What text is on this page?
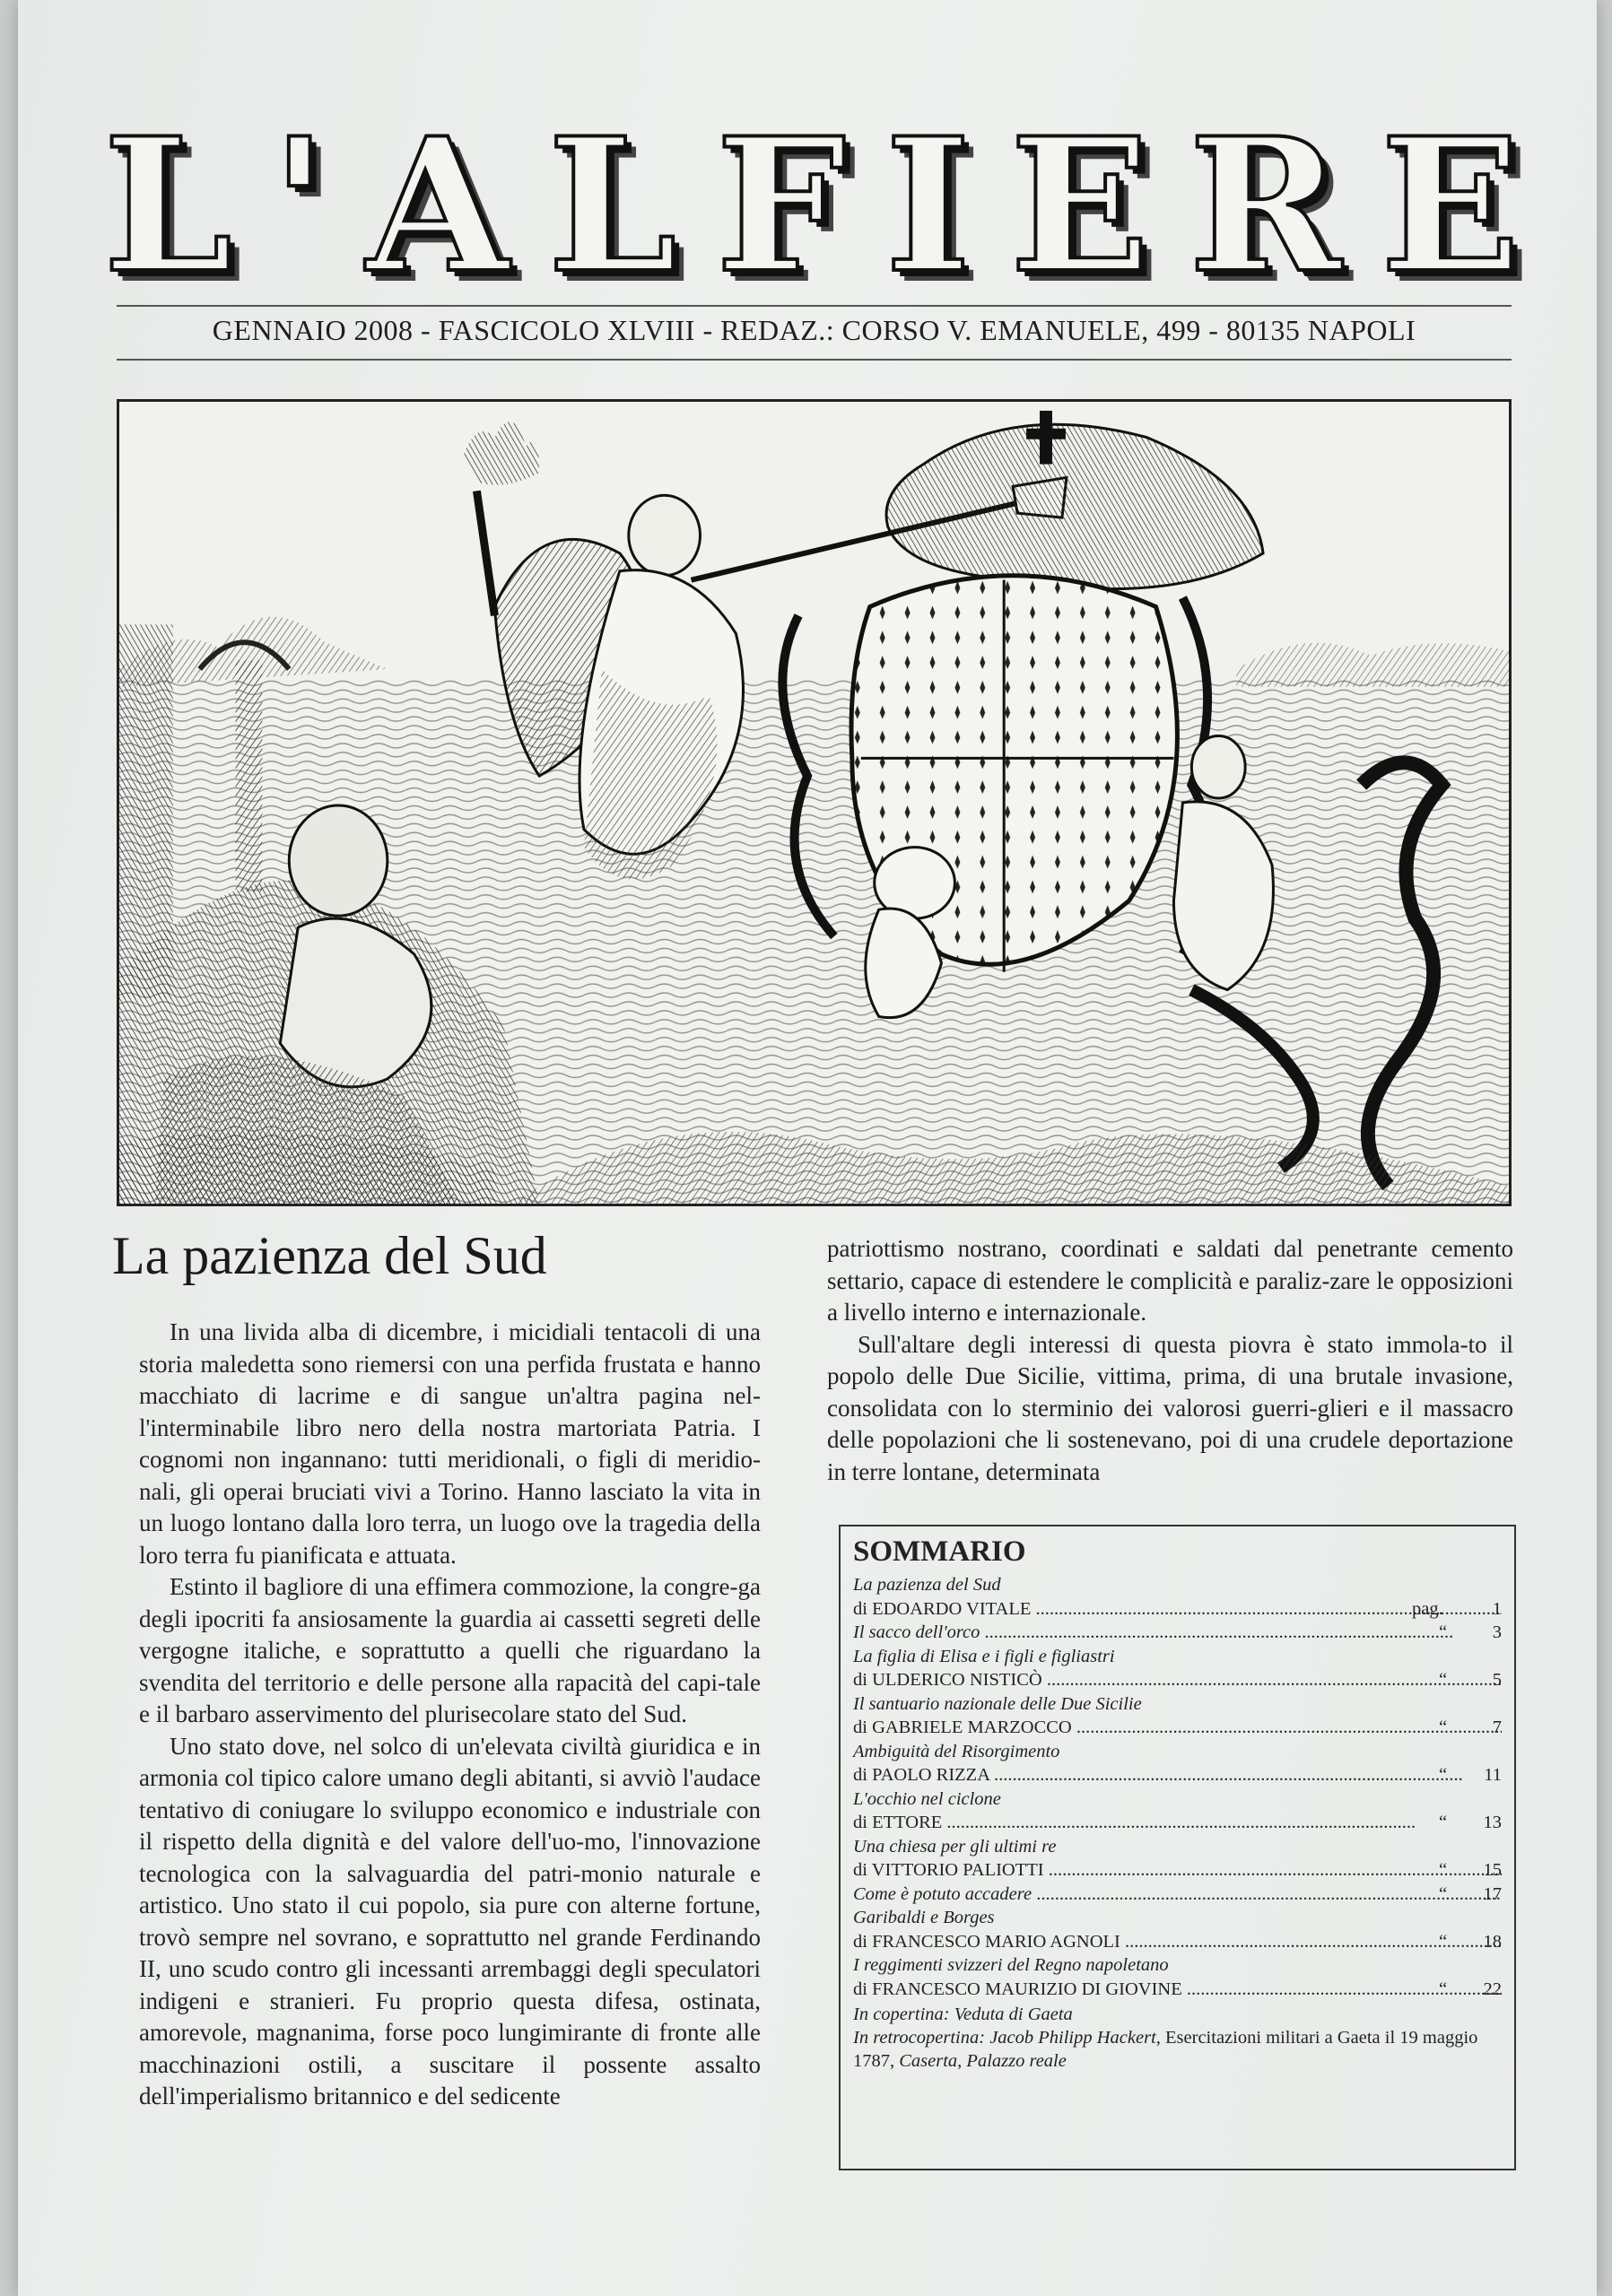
L ' A L F I E R E
GENNAIO 2008 - FASCICOLO XLVIII - REDAZ.: CORSO V. EMANUELE, 499 - 80135 NAPOLI
La pazienza del Sud

In una livida alba di dicembre, i micidiali tentacoli di una storia maledetta sono riemersi con una perfida frustata e hanno macchiato di lacrime e di sangue un'altra pagina nel-l'interminabile libro nero della nostra martoriata Patria. I cognomi non ingannano: tutti meridionali, o figli di meridio-nali, gli operai bruciati vivi a Torino. Hanno lasciato la vita in un luogo lontano dalla loro terra, un luogo ove la tragedia della loro terra fu pianificata e attuata.

Estinto il bagliore di una effimera commozione, la congre-ga degli ipocriti fa ansiosamente la guardia ai cassetti segreti delle vergogne italiche, e soprattutto a quelli che riguardano la svendita del territorio e delle persone alla rapacità del capi-tale e il barbaro asservimento del plurisecolare stato del Sud.

Uno stato dove, nel solco di un'elevata civiltà giuridica e in armonia col tipico calore umano degli abitanti, si avviò l'audace tentativo di coniugare lo sviluppo economico e industriale con il rispetto della dignità e del valore dell'uo-mo, l'innovazione tecnologica con la salvaguardia del patri-monio naturale e artistico. Uno stato il cui popolo, sia pure con alterne fortune, trovò sempre nel sovrano, e soprattutto nel grande Ferdinando II, uno scudo contro gli incessanti arrembaggi degli speculatori indigeni e stranieri. Fu proprio questa difesa, ostinata, amorevole, magnanima, forse poco lungimirante di fronte alle macchinazioni ostili, a suscitare il possente assalto dell'imperialismo britannico e del sedicente

patriottismo nostrano, coordinati e saldati dal penetrante cemento settario, capace di estendere le complicità e paraliz-zare le opposizioni a livello interno e internazionale.

Sull'altare degli interessi di questa piovra è stato immola-to il popolo delle Due Sicilie, vittima, prima, di una brutale invasione, consolidata con lo sterminio dei valorosi guerri-glieri e il massacro delle popolazioni che li sostenevano, poi di una crudele deportazione in terre lontane, determinata

SOMMARIO
La pazienza del Sud
di EDOARDO VITALE .....	pag.	1
Il sacco dell'orco .....	“ 3
La figlia di Elisa e i figli e figliastri
di ULDERICO NISTICÒ .....	“ 5
Il santuario nazionale delle Due Sicilie
di GABRIELE MARZOCCO .....	“ 7
Ambiguità del Risorgimento
di PAOLO RIZZA .....	“ 11
L'occhio nel ciclone
di ETTORE .....	“ 13
Una chiesa per gli ultimi re
di VITTORIO PALIOTTI .....	“ 15
Come è potuto accadere .....	“ 17
Garibaldi e Borges
di FRANCESCO MARIO AGNOLI .....	“ 18
I reggimenti svizzeri del Regno napoletano
di FRANCESCO MAURIZIO DI GIOVINE .....	“ 22
In copertina: Veduta di Gaeta
In retrocopertina: Jacob Philipp Hackert, Esercitazioni militari a Gaeta il 19 maggio 1787, Caserta, Palazzo reale
